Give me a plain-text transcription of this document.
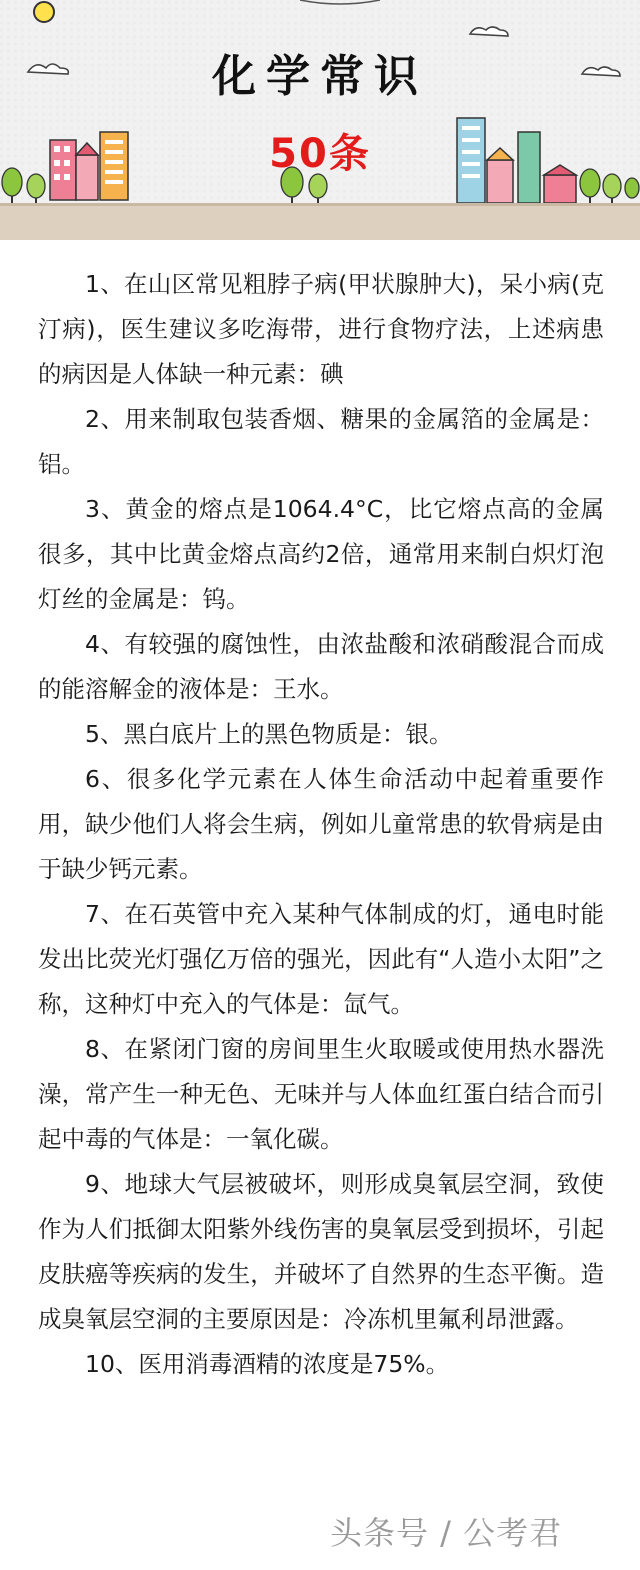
化学常识
50条

1、在山区常见粗脖子病(甲状腺肿大)，呆小病(克汀病)，医生建议多吃海带，进行食物疗法，上述病患的病因是人体缺一种元素：碘

2、用来制取包装香烟、糖果的金属箔的金属是：铝。

3、黄金的熔点是1064.4°C，比它熔点高的金属很多，其中比黄金熔点高约2倍，通常用来制白炽灯泡灯丝的金属是：钨。

4、有较强的腐蚀性，由浓盐酸和浓硝酸混合而成的能溶解金的液体是：王水。

5、黑白底片上的黑色物质是：银。

6、很多化学元素在人体生命活动中起着重要作用，缺少他们人将会生病，例如儿童常患的软骨病是由于缺少钙元素。

7、在石英管中充入某种气体制成的灯，通电时能发出比荧光灯强亿万倍的强光，因此有“人造小太阳”之称，这种灯中充入的气体是：氙气。

8、在紧闭门窗的房间里生火取暖或使用热水器洗澡，常产生一种无色、无味并与人体血红蛋白结合而引起中毒的气体是：一氧化碳。

9、地球大气层被破坏，则形成臭氧层空洞，致使作为人们抵御太阳紫外线伤害的臭氧层受到损坏，引起皮肤癌等疾病的发生，并破坏了自然界的生态平衡。造成臭氧层空洞的主要原因是：冷冻机里氟利昂泄露。

10、医用消毒酒精的浓度是75%。

头条号 / 公考君
